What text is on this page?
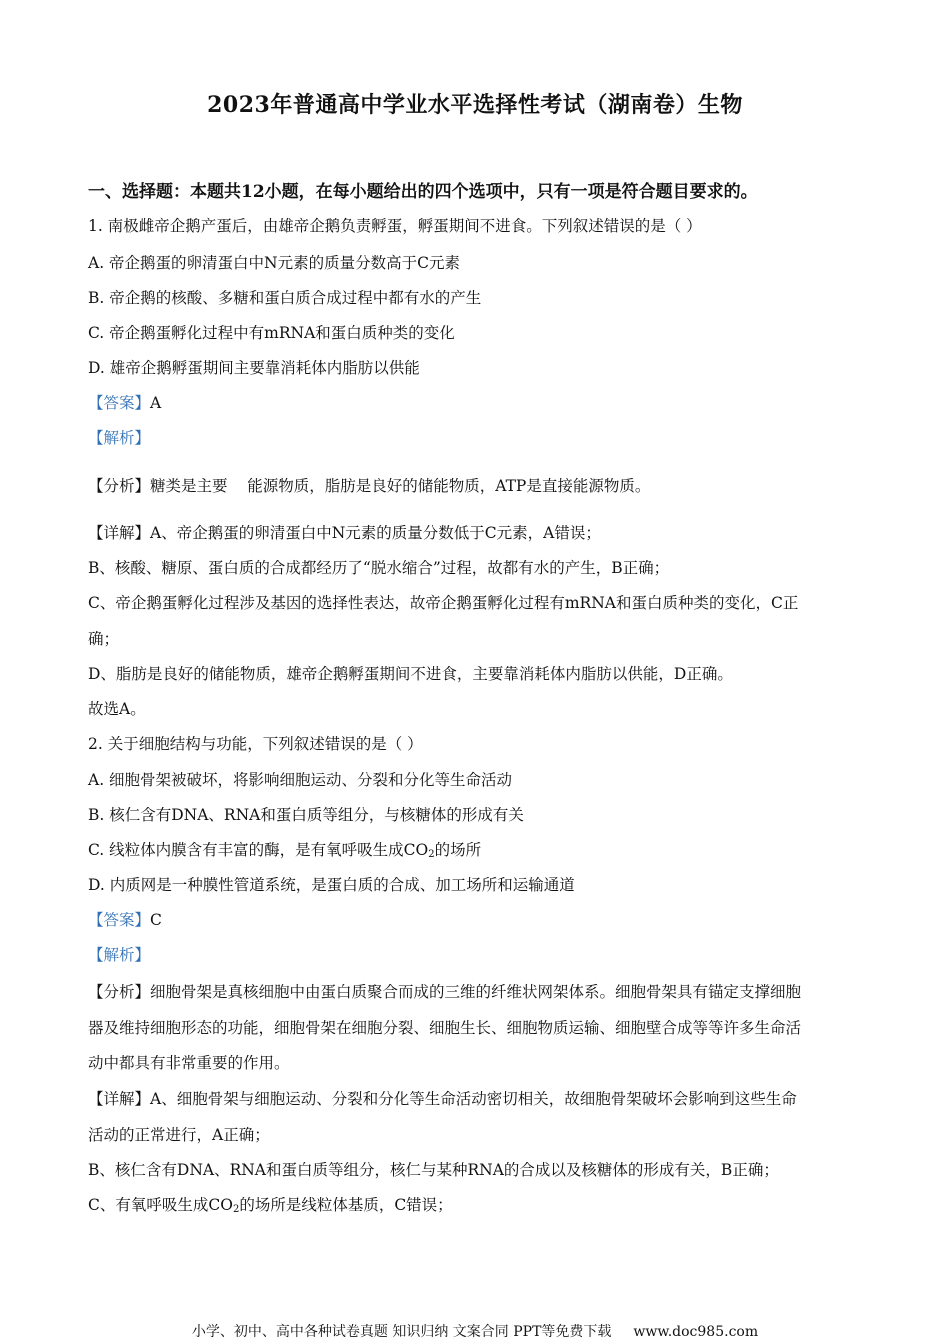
2023年普通高中学业水平选择性考试（湖南卷）生物
一、选择题：本题共12小题，在每小题给出的四个选项中，只有一项是符合题目要求的。
1. 南极雌帝企鹅产蛋后，由雄帝企鹅负责孵蛋，孵蛋期间不进食。下列叙述错误的是（ ）
A. 帝企鹅蛋的卵清蛋白中N元素的质量分数高于C元素
B. 帝企鹅的核酸、多糖和蛋白质合成过程中都有水的产生
C. 帝企鹅蛋孵化过程中有mRNA和蛋白质种类的变化
D. 雄帝企鹅孵蛋期间主要靠消耗体内脂肪以供能
【答案】A
【解析】
【分析】糖类是主要    能源物质，脂肪是良好的储能物质，ATP是直接能源物质。
【详解】A、帝企鹅蛋的卵清蛋白中N元素的质量分数低于C元素，A错误；
B、核酸、糖原、蛋白质的合成都经历了“脱水缩合”过程，故都有水的产生，B正确；
C、帝企鹅蛋孵化过程涉及基因的选择性表达，故帝企鹅蛋孵化过程有mRNA和蛋白质种类的变化，C正
确；
D、脂肪是良好的储能物质，雄帝企鹅孵蛋期间不进食，主要靠消耗体内脂肪以供能，D正确。
故选A。
2. 关于细胞结构与功能，下列叙述错误的是（ ）
A. 细胞骨架被破坏，将影响细胞运动、分裂和分化等生命活动
B. 核仁含有DNA、RNA和蛋白质等组分，与核糖体的形成有关
C. 线粒体内膜含有丰富的酶，是有氧呼吸生成$CO_2$的场所
D. 内质网是一种膜性管道系统，是蛋白质的合成、加工场所和运输通道
【答案】C
【解析】
【分析】细胞骨架是真核细胞中由蛋白质聚合而成的三维的纤维状网架体系。细胞骨架具有锚定支撑细胞
器及维持细胞形态的功能，细胞骨架在细胞分裂、细胞生长、细胞物质运输、细胞壁合成等等许多生命活
动中都具有非常重要的作用。
【详解】A、细胞骨架与细胞运动、分裂和分化等生命活动密切相关，故细胞骨架破坏会影响到这些生命
活动的正常进行，A正确；
B、核仁含有DNA、RNA和蛋白质等组分，核仁与某种RNA的合成以及核糖体的形成有关，B正确；
C、有氧呼吸生成$CO_2$的场所是线粒体基质，C错误；
小学、初中、高中各种试卷真题 知识归纳 文案合同 PPT等免费下载 www.doc985.com
